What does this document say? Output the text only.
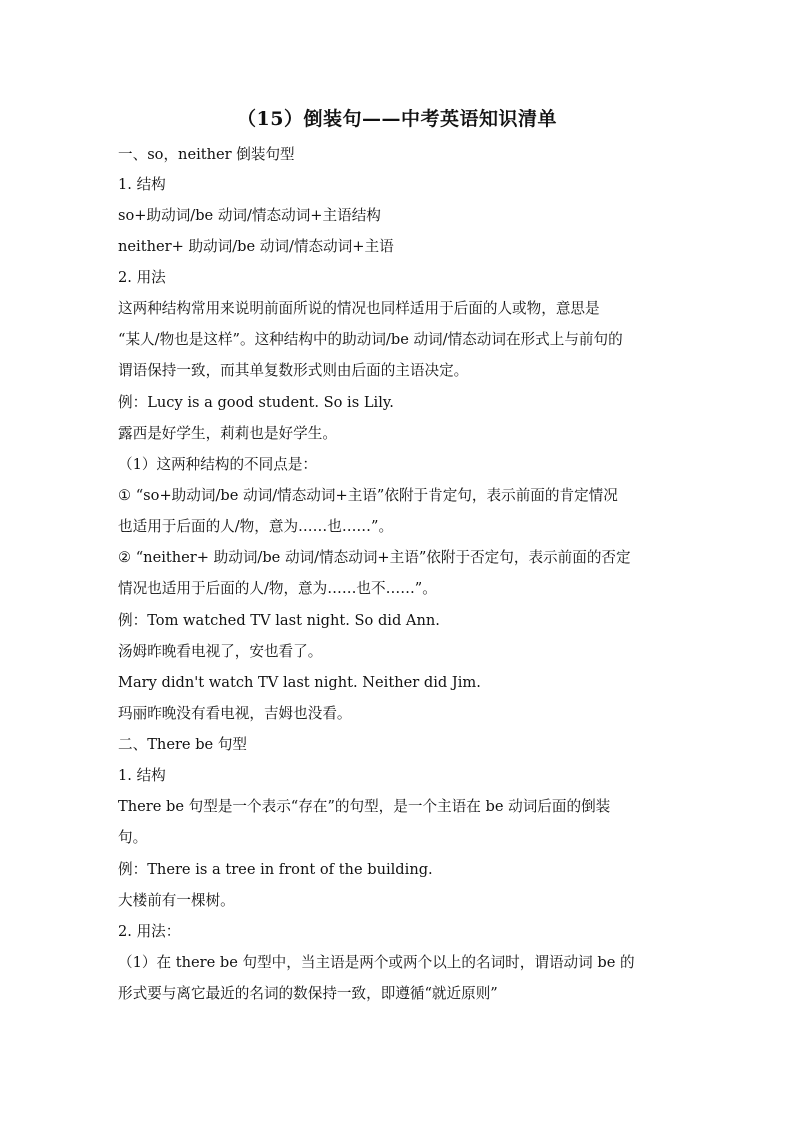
（15）倒装句——中考英语知识清单
一、so，neither 倒装句型
1. 结构
so+助动词/be 动词/情态动词+主语结构
neither+ 助动词/be 动词/情态动词+主语
2. 用法
这两种结构常用来说明前面所说的情况也同样适用于后面的人或物，意思是
“某人/物也是这样”。这种结构中的助动词/be 动词/情态动词在形式上与前句的
谓语保持一致，而其单复数形式则由后面的主语决定。
例：Lucy is a good student. So is Lily.
露西是好学生，莉莉也是好学生。
（1）这两种结构的不同点是：
① “so+助动词/be 动词/情态动词+主语”依附于肯定句，表示前面的肯定情况
也适用于后面的人/物，意为……也……”。
② “neither+ 助动词/be 动词/情态动词+主语”依附于否定句，表示前面的否定
情况也适用于后面的人/物，意为……也不……”。
例：Tom watched TV last night. So did Ann.
汤姆昨晚看电视了，安也看了。
Mary didn't watch TV last night. Neither did Jim.
玛丽昨晚没有看电视，吉姆也没看。
二、There be 句型
1. 结构
There be 句型是一个表示“存在”的句型，是一个主语在 be 动词后面的倒装
句。
例：There is a tree in front of the building.
大楼前有一棵树。
2. 用法：
（1）在 there be 句型中，当主语是两个或两个以上的名词时，谓语动词 be 的
形式要与离它最近的名词的数保持一致，即遵循“就近原则”
